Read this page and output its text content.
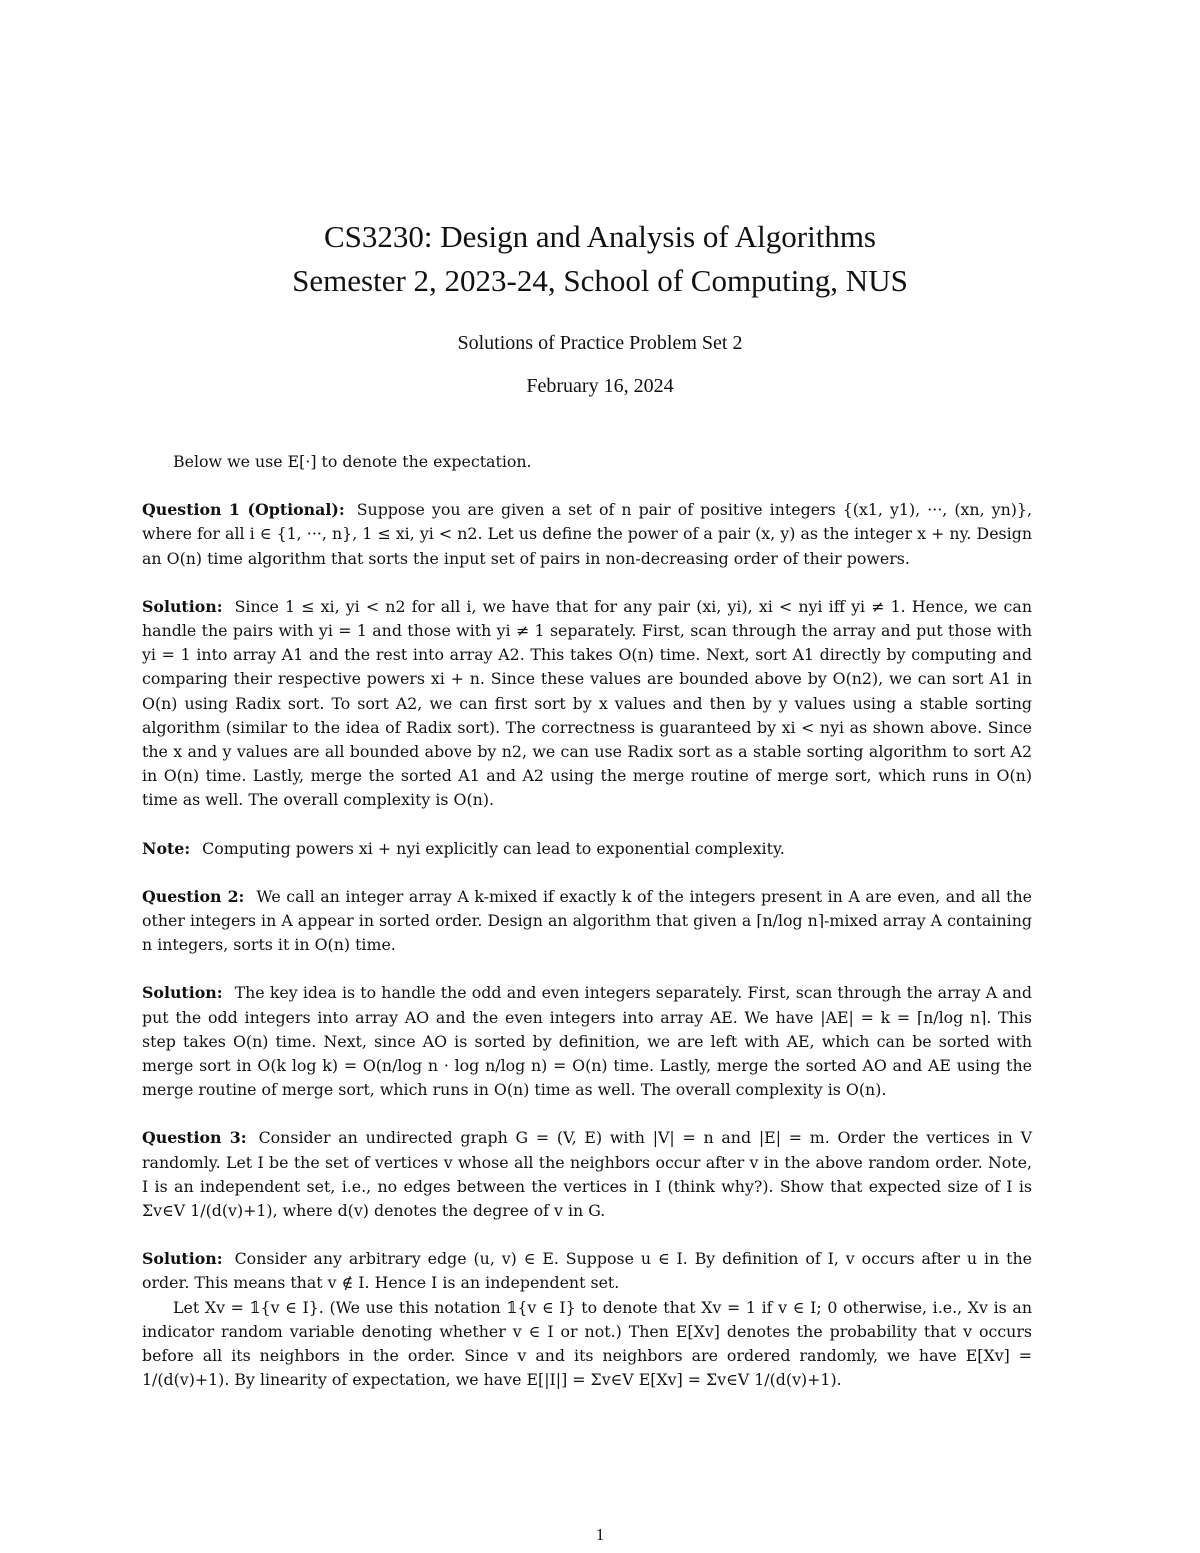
CS3230: Design and Analysis of Algorithms
Semester 2, 2023-24, School of Computing, NUS
Solutions of Practice Problem Set 2
February 16, 2024

Below we use E[·] to denote the expectation.

Question 1 (Optional): Suppose you are given a set of n pair of positive integers {(x1, y1), ···, (xn, yn)}, where for all i ∈ {1, ···, n}, 1 ≤ xi, yi < n2. Let us define the power of a pair (x, y) as the integer x + ny. Design an O(n) time algorithm that sorts the input set of pairs in non-decreasing order of their powers.

Solution: Since 1 ≤ xi, yi < n2 for all i, we have that for any pair (xi, yi), xi < nyi iff yi ≠ 1. Hence, we can handle the pairs with yi = 1 and those with yi ≠ 1 separately. First, scan through the array and put those with yi = 1 into array A1 and the rest into array A2. This takes O(n) time. Next, sort A1 directly by computing and comparing their respective powers xi + n. Since these values are bounded above by O(n2), we can sort A1 in O(n) using Radix sort. To sort A2, we can first sort by x values and then by y values using a stable sorting algorithm (similar to the idea of Radix sort). The correctness is guaranteed by xi < nyi as shown above. Since the x and y values are all bounded above by n2, we can use Radix sort as a stable sorting algorithm to sort A2 in O(n) time. Lastly, merge the sorted A1 and A2 using the merge routine of merge sort, which runs in O(n) time as well. The overall complexity is O(n).

Note: Computing powers xi + nyi explicitly can lead to exponential complexity.

Question 2: We call an integer array A k-mixed if exactly k of the integers present in A are even, and all the other integers in A appear in sorted order. Design an algorithm that given a ⌈n/log n⌉-mixed array A containing n integers, sorts it in O(n) time.

Solution: The key idea is to handle the odd and even integers separately. First, scan through the array A and put the odd integers into array AO and the even integers into array AE. We have |AE| = k = ⌈n/log n⌉. This step takes O(n) time. Next, since AO is sorted by definition, we are left with AE, which can be sorted with merge sort in O(k log k) = O(n/log n · log n/log n) = O(n) time. Lastly, merge the sorted AO and AE using the merge routine of merge sort, which runs in O(n) time as well. The overall complexity is O(n).

Question 3: Consider an undirected graph G = (V, E) with |V| = n and |E| = m. Order the vertices in V randomly. Let I be the set of vertices v whose all the neighbors occur after v in the above random order. Note, I is an independent set, i.e., no edges between the vertices in I (think why?). Show that expected size of I is Σv∈V 1/(d(v)+1), where d(v) denotes the degree of v in G.

Solution: Consider any arbitrary edge (u, v) ∈ E. Suppose u ∈ I. By definition of I, v occurs after u in the order. This means that v ∉ I. Hence I is an independent set.

Let Xv = 𝟙{v ∈ I}. (We use this notation 𝟙{v ∈ I} to denote that Xv = 1 if v ∈ I; 0 otherwise, i.e., Xv is an indicator random variable denoting whether v ∈ I or not.) Then E[Xv] denotes the probability that v occurs before all its neighbors in the order. Since v and its neighbors are ordered randomly, we have E[Xv] = 1/(d(v)+1). By linearity of expectation, we have E[|I|] = Σv∈V E[Xv] = Σv∈V 1/(d(v)+1).

1
